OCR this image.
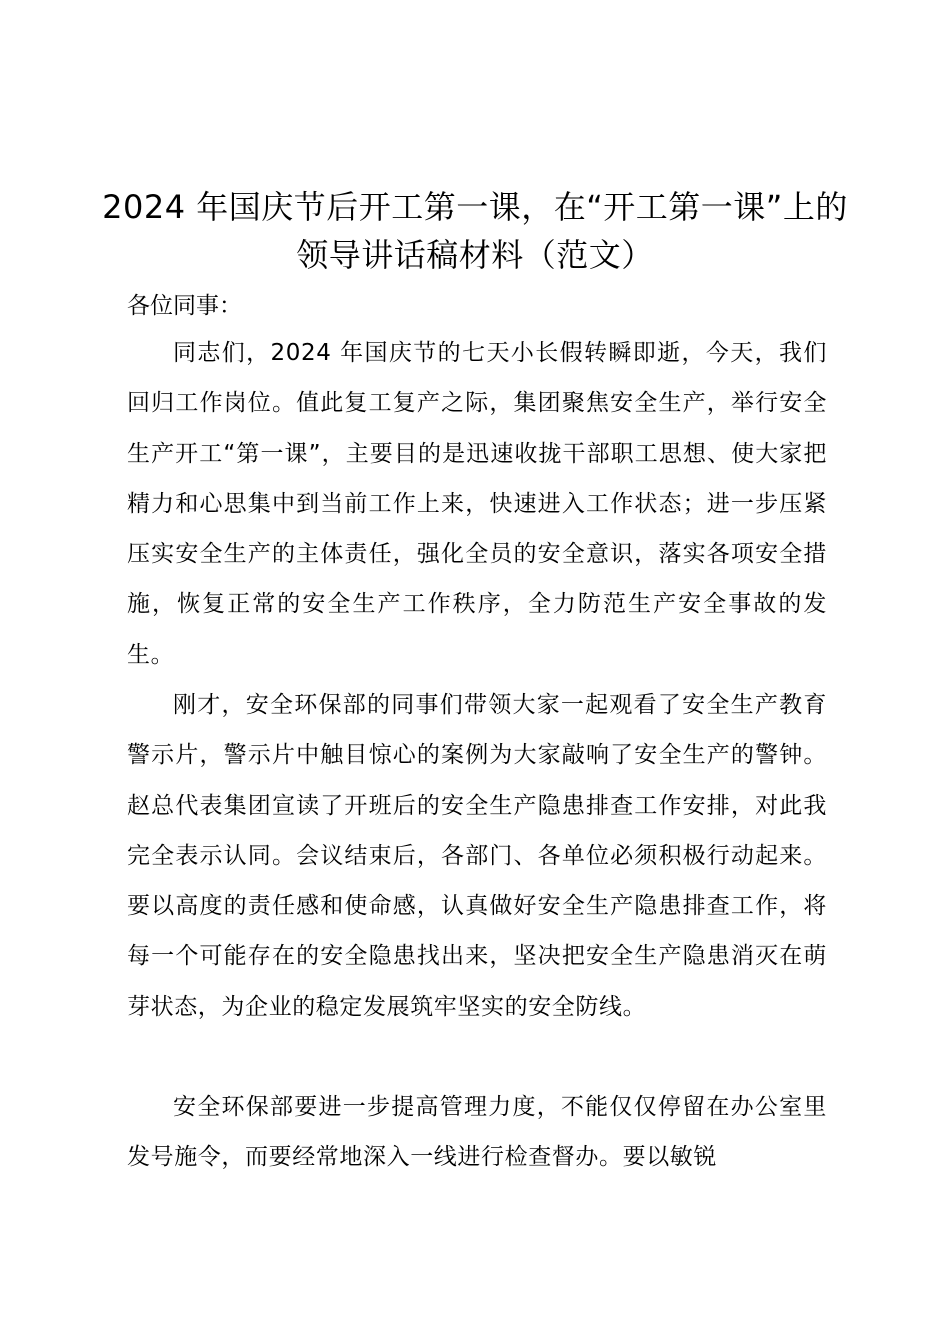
2024 年国庆节后开工第一课，在“开工第一课”上的领导讲话稿材料（范文）

各位同事：

同志们，2024 年国庆节的七天小长假转瞬即逝，今天，我们回归工作岗位。值此复工复产之际，集团聚焦安全生产，举行安全生产开工“第一课”，主要目的是迅速收拢干部职工思想、使大家把精力和心思集中到当前工作上来，快速进入工作状态；进一步压紧压实安全生产的主体责任，强化全员的安全意识，落实各项安全措施，恢复正常的安全生产工作秩序，全力防范生产安全事故的发生。

刚才，安全环保部的同事们带领大家一起观看了安全生产教育警示片，警示片中触目惊心的案例为大家敲响了安全生产的警钟。赵总代表集团宣读了开班后的安全生产隐患排查工作安排，对此我完全表示认同。会议结束后，各部门、各单位必须积极行动起来。要以高度的责任感和使命感，认真做好安全生产隐患排查工作，将每一个可能存在的安全隐患找出来，坚决把安全生产隐患消灭在萌芽状态，为企业的稳定发展筑牢坚实的安全防线。

安全环保部要进一步提高管理力度，不能仅仅停留在办公室里发号施令，而要经常地深入一线进行检查督办。要以敏锐
